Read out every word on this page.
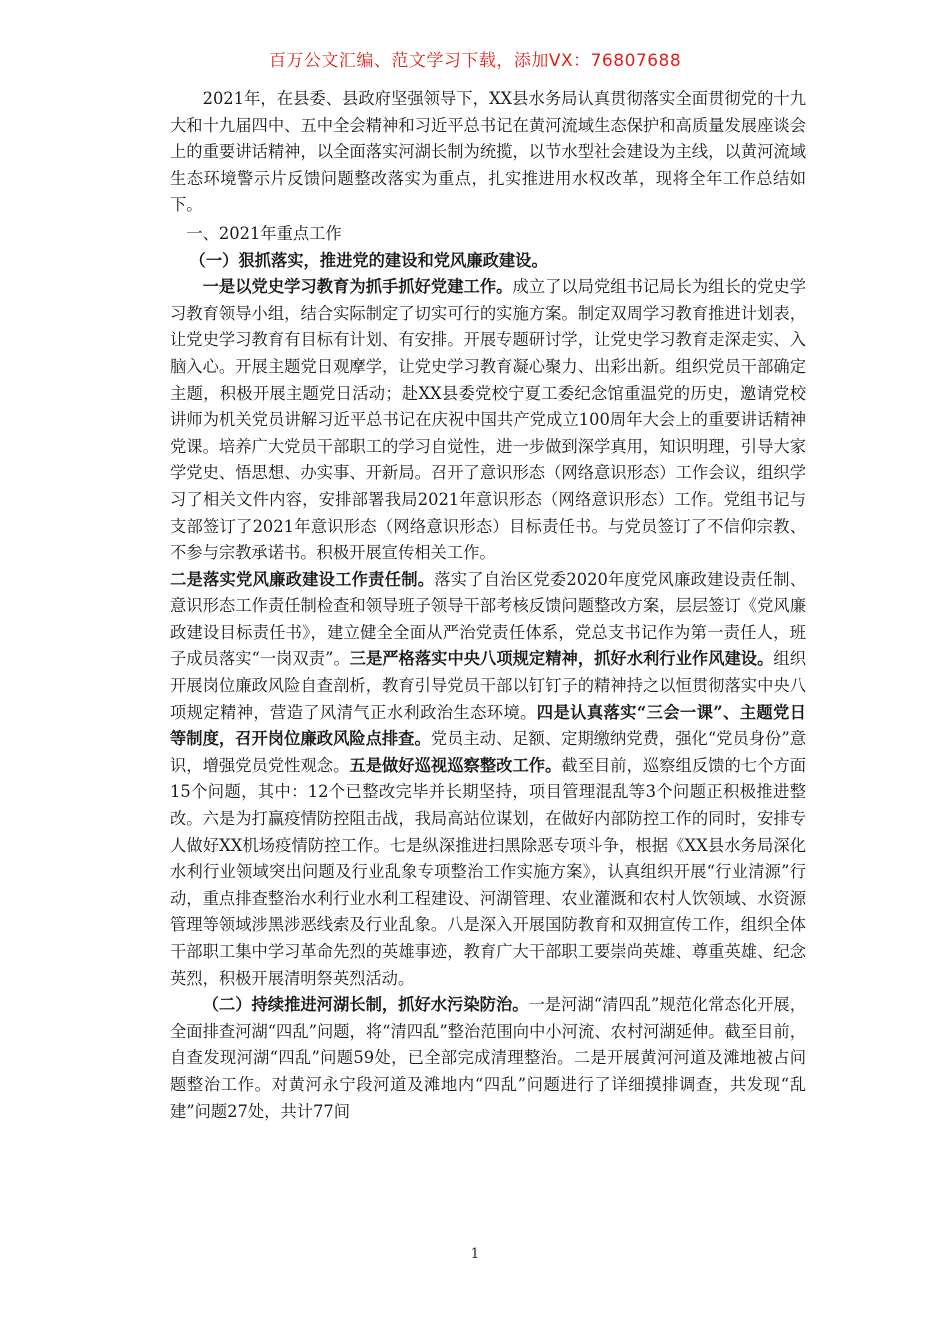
百万公文汇编、范文学习下载，添加VX：76807688

2021年，在县委、县政府坚强领导下，XX县水务局认真贯彻落实全面贯彻党的十九大和十九届四中、五中全会精神和习近平总书记在黄河流域生态保护和高质量发展座谈会上的重要讲话精神，以全面落实河湖长制为统揽，以节水型社会建设为主线，以黄河流域生态环境警示片反馈问题整改落实为重点，扎实推进用水权改革，现将全年工作总结如下。

一、2021年重点工作

（一）狠抓落实，推进党的建设和党风廉政建设。

一是以党史学习教育为抓手抓好党建工作。成立了以局党组书记局长为组长的党史学习教育领导小组，结合实际制定了切实可行的实施方案。制定双周学习教育推进计划表，让党史学习教育有目标有计划、有安排。开展专题研讨学，让党史学习教育走深走实、入脑入心。开展主题党日观摩学，让党史学习教育凝心聚力、出彩出新。组织党员干部确定主题，积极开展主题党日活动；赴XX县委党校宁夏工委纪念馆重温党的历史，邀请党校讲师为机关党员讲解习近平总书记在庆祝中国共产党成立100周年大会上的重要讲话精神党课。培养广大党员干部职工的学习自觉性，进一步做到深学真用，知识明理，引导大家学党史、悟思想、办实事、开新局。召开了意识形态（网络意识形态）工作会议，组织学习了相关文件内容，安排部署我局2021年意识形态（网络意识形态）工作。党组书记与支部签订了2021年意识形态（网络意识形态）目标责任书。与党员签订了不信仰宗教、不参与宗教承诺书。积极开展宣传相关工作。

二是落实党风廉政建设工作责任制。落实了自治区党委2020年度党风廉政建设责任制、意识形态工作责任制检查和领导班子领导干部考核反馈问题整改方案，层层签订《党风廉政建设目标责任书》，建立健全全面从严治党责任体系，党总支书记作为第一责任人，班子成员落实“一岗双责”。三是严格落实中央八项规定精神，抓好水利行业作风建设。组织开展岗位廉政风险自查剖析，教育引导党员干部以钉钉子的精神持之以恒贯彻落实中央八项规定精神，营造了风清气正水利政治生态环境。四是认真落实“三会一课”、主题党日等制度，召开岗位廉政风险点排查。党员主动、足额、定期缴纳党费，强化“党员身份”意识，增强党员党性观念。五是做好巡视巡察整改工作。截至目前，巡察组反馈的七个方面15个问题，其中：12个已整改完毕并长期坚持，项目管理混乱等3个问题正积极推进整改。六是为打赢疫情防控阻击战，我局高站位谋划，在做好内部防控工作的同时，安排专人做好XX机场疫情防控工作。七是纵深推进扫黑除恶专项斗争，根据《XX县水务局深化水利行业领域突出问题及行业乱象专项整治工作实施方案》，认真组织开展“行业清源”行动，重点排查整治水利行业水利工程建设、河湖管理、农业灌溉和农村人饮领域、水资源管理等领域涉黑涉恶线索及行业乱象。八是深入开展国防教育和双拥宣传工作，组织全体干部职工集中学习革命先烈的英雄事迹，教育广大干部职工要崇尚英雄、尊重英雄、纪念英烈，积极开展清明祭英烈活动。

（二）持续推进河湖长制，抓好水污染防治。一是河湖“清四乱”规范化常态化开展，全面排查河湖“四乱”问题，将“清四乱”整治范围向中小河流、农村河湖延伸。截至目前，自查发现河湖“四乱”问题59处，已全部完成清理整治。二是开展黄河河道及滩地被占问题整治工作。对黄河永宁段河道及滩地内“四乱”问题进行了详细摸排调查，共发现“乱建”问题27处，共计77间

1
